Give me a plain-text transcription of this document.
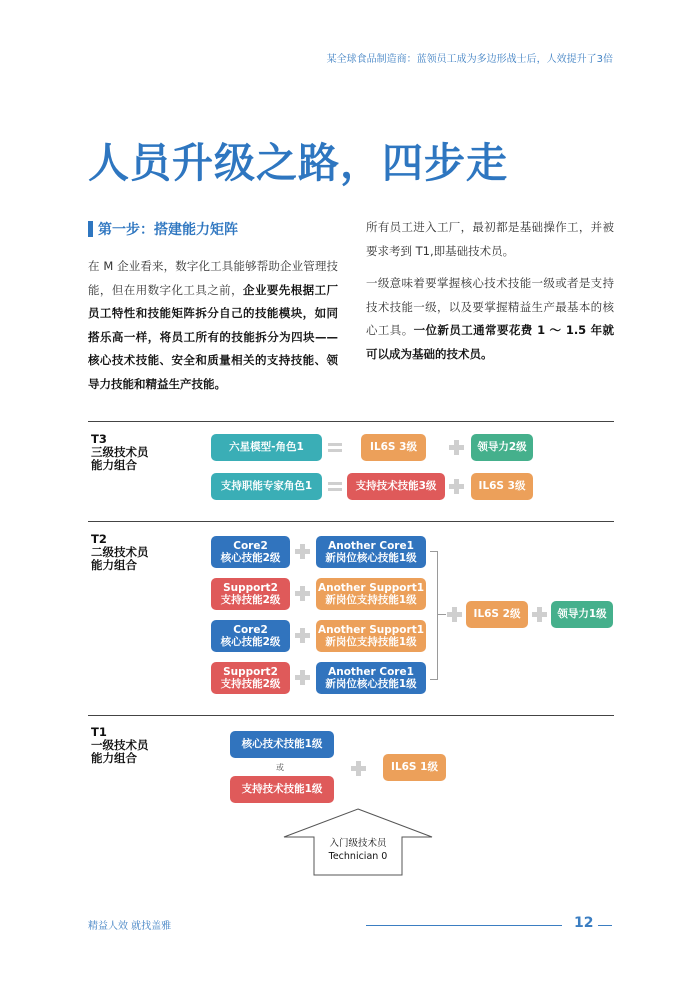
某全球食品制造商：蓝领员工成为多边形战士后，人效提升了3倍
人员升级之路，四步走
第一步：搭建能力矩阵
在 M 企业看来，数字化工具能够帮助企业管理技能，但在用数字化工具之前，企业要先根据工厂员工特性和技能矩阵拆分自己的技能模块，如同搭乐高一样，将员工所有的技能拆分为四块——核心技术技能、安全和质量相关的支持技能、领导力技能和精益生产技能。
所有员工进入工厂，最初都是基础操作工，并被要求考到 T1,即基础技术员。
一级意味着要掌握核心技术技能一级或者是支持技术技能一级，以及要掌握精益生产最基本的核心工具。一位新员工通常要花费 1 ～ 1.5 年就可以成为基础的技术员。
T3
三级技术员
能力组合
六星模型-角色1	IL6S 3级	领导力2级
支持职能专家角色1	支持技术技能3级	IL6S 3级
T2
二级技术员
能力组合
Core2
核心技能2级
Another Core1
新岗位核心技能1级
Support2
支持技能2级
Another Support1
新岗位支持技能1级
Core2
核心技能2级
Another Support1
新岗位支持技能1级
Support2
支持技能2级
Another Core1
新岗位核心技能1级
IL6S 2级	领导力1级
T1
一级技术员
能力组合
核心技术技能1级
或
支持技术技能1级
IL6S 1级
入门级技术员
Technician 0
精益人效 就找盖雅	12
